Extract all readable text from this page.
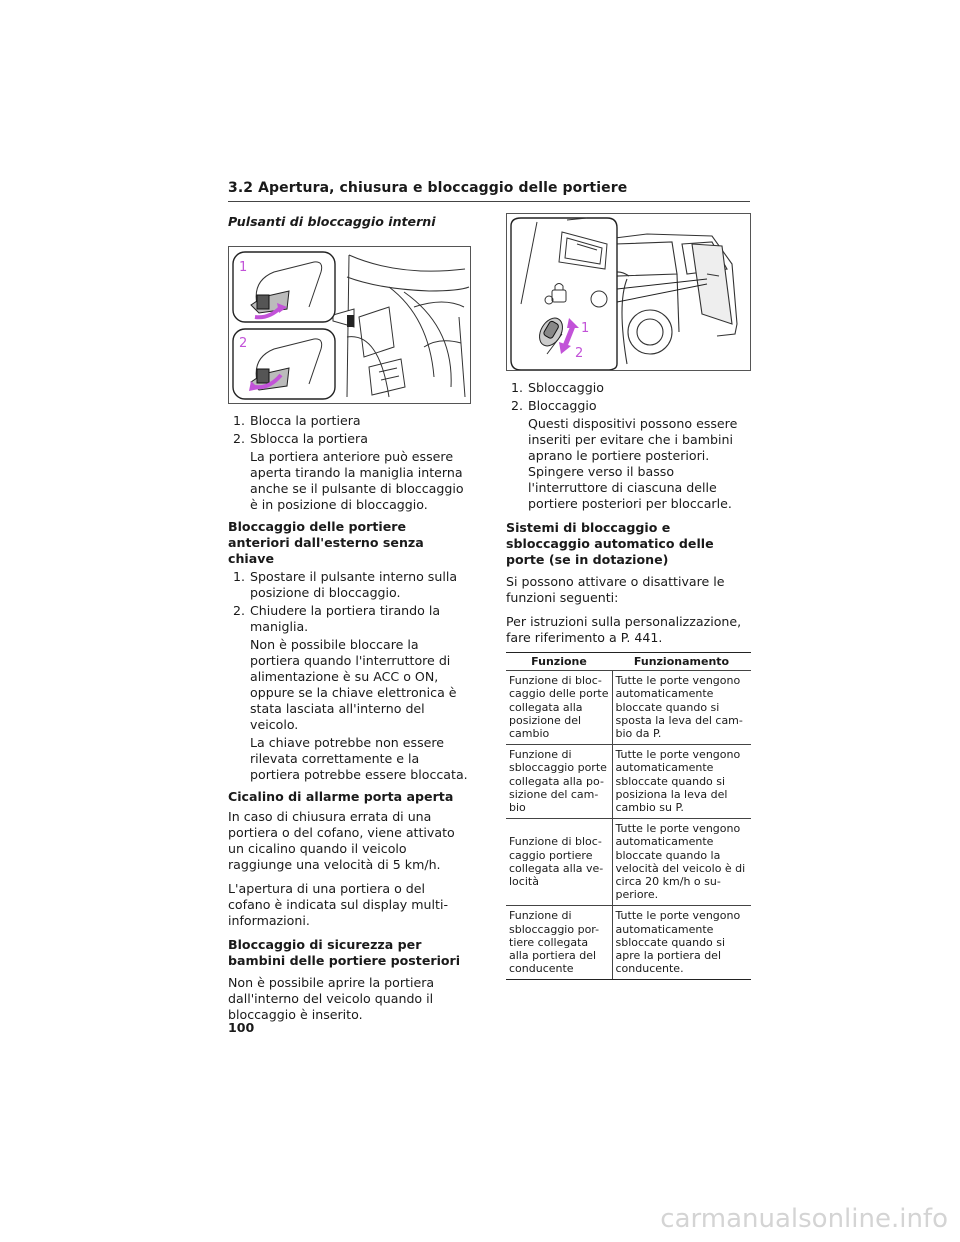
3.2 Apertura, chiusura e bloccaggio delle portiere
Pulsanti di bloccaggio interni
1
2
1. Blocca la portiera
2. Sblocca la portiera
La portiera anteriore può essere aperta tirando la maniglia interna anche se il pulsante di bloccaggio è in posizione di bloccaggio.
Bloccaggio delle portiere anteriori dall'esterno senza chiave
1. Spostare il pulsante interno sulla posizione di bloccaggio.
2. Chiudere la portiera tirando la maniglia.
Non è possibile bloccare la portiera quando l'interruttore di alimentazione è su ACC o ON, oppure se la chiave elettronica è stata lasciata all'interno del veicolo.
La chiave potrebbe non essere rilevata correttamente e la portiera potrebbe essere bloccata.
Cicalino di allarme porta aperta
In caso di chiusura errata di una portiera o del cofano, viene attivato un cicalino quando il veicolo raggiunge una velocità di 5 km/h.
L'apertura di una portiera o del cofano è indicata sul display multi-informazioni.
Bloccaggio di sicurezza per bambini delle portiere posteriori
Non è possibile aprire la portiera dall'interno del veicolo quando il bloccaggio è inserito.
1
2
1. Sbloccaggio
2. Bloccaggio
Questi dispositivi possono essere inseriti per evitare che i bambini aprano le portiere posteriori. Spingere verso il basso l'interruttore di ciascuna delle portiere posteriori per bloccarle.
Sistemi di bloccaggio e sbloccaggio automatico delle porte (se in dotazione)
Si possono attivare o disattivare le funzioni seguenti:
Per istruzioni sulla personalizzazione, fare riferimento a P. 441.
Funzione	Funzionamento
Funzione di bloc-caggio delle porte collegata alla posizione del cambio	Tutte le porte vengono automaticamente bloccate quando si sposta la leva del cam-bio da P.
Funzione di sbloccaggio porte collegata alla po-sizione del cam-bio	Tutte le porte vengono automaticamente sbloccate quando si posiziona la leva del cambio su P.
Funzione di bloc-caggio portiere collegata alla ve-locità	Tutte le porte vengono automaticamente bloccate quando la velocità del veicolo è di circa 20 km/h o su-periore.
Funzione di sbloccaggio por-tiere collegata alla portiera del conducente	Tutte le porte vengono automaticamente sbloccate quando si apre la portiera del conducente.
100
carmanualsonline.info
